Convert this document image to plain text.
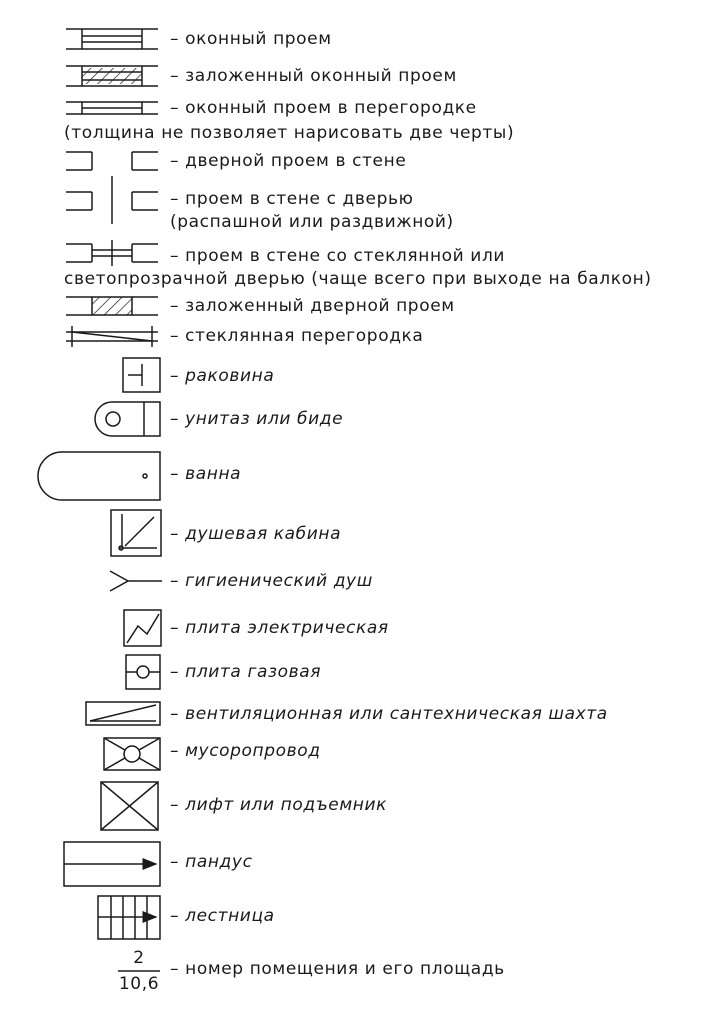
– оконный проем
– заложенный оконный проем
– оконный проем в перегородке
(толщина не позволяет нарисовать две черты)
– дверной проем в стене
– проем в стене с дверью
(распашной или раздвижной)
– проем в стене со стеклянной или
светопрозрачной дверью (чаще всего при выходе на балкон)
– заложенный дверной проем
– стеклянная перегородка
– раковина
– унитаз или биде
– ванна
– душевая кабина
– гигиенический душ
– плита электрическая
– плита газовая
– вентиляционная или сантехническая шахта
– мусоропровод
– лифт или подъемник
– пандус
– лестница
– номер помещения и его площадь
2
10,6
